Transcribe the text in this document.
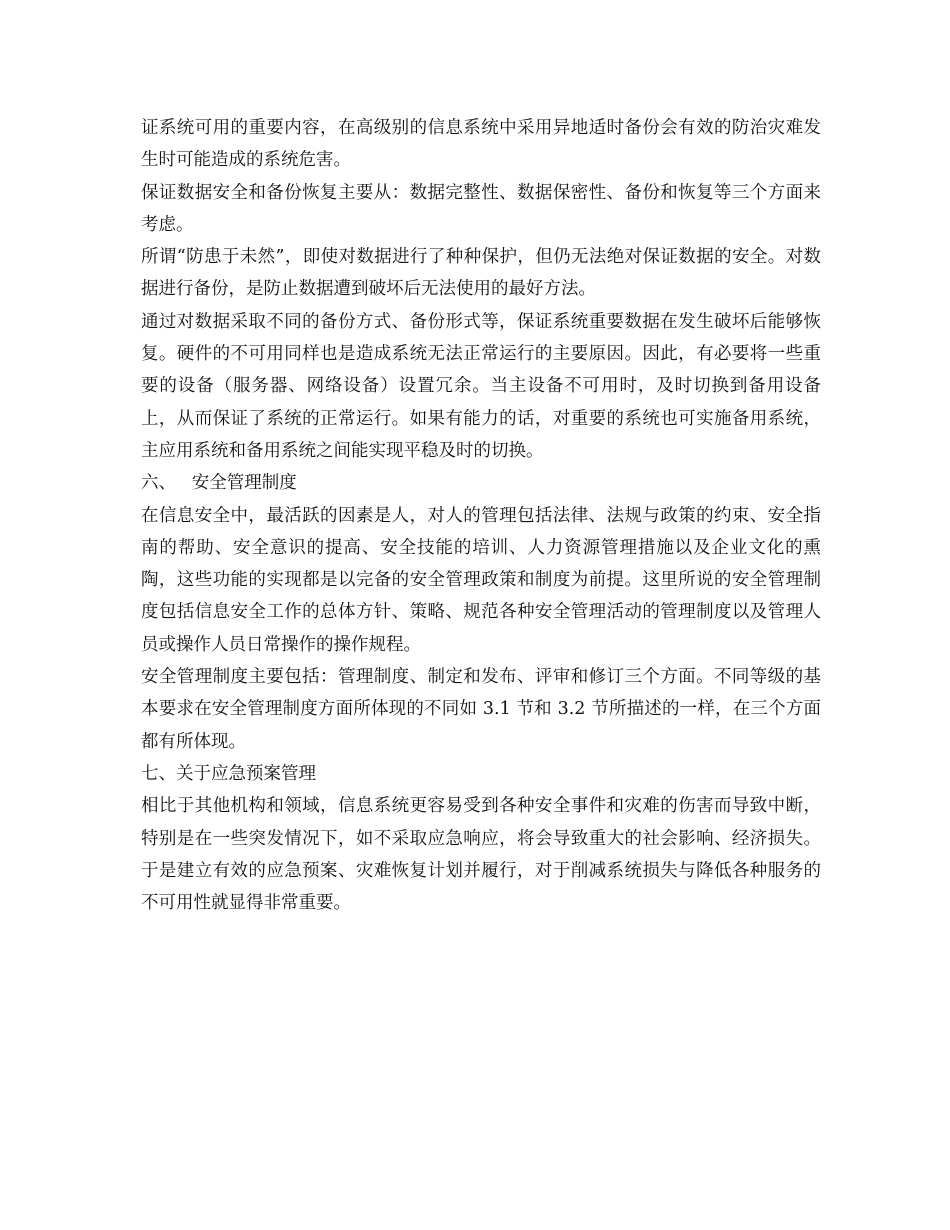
证系统可用的重要内容，在高级别的信息系统中采用异地适时备份会有效的防治灾难发生时可能造成的系统危害。

保证数据安全和备份恢复主要从：数据完整性、数据保密性、备份和恢复等三个方面来考虑。

所谓“防患于未然”，即使对数据进行了种种保护，但仍无法绝对保证数据的安全。对数据进行备份，是防止数据遭到破坏后无法使用的最好方法。

通过对数据采取不同的备份方式、备份形式等，保证系统重要数据在发生破坏后能够恢复。硬件的不可用同样也是造成系统无法正常运行的主要原因。因此，有必要将一些重要的设备（服务器、网络设备）设置冗余。当主设备不可用时，及时切换到备用设备上，从而保证了系统的正常运行。如果有能力的话，对重要的系统也可实施备用系统，主应用系统和备用系统之间能实现平稳及时的切换。

六、 安全管理制度

在信息安全中，最活跃的因素是人，对人的管理包括法律、法规与政策的约束、安全指南的帮助、安全意识的提高、安全技能的培训、人力资源管理措施以及企业文化的熏陶，这些功能的实现都是以完备的安全管理政策和制度为前提。这里所说的安全管理制度包括信息安全工作的总体方针、策略、规范各种安全管理活动的管理制度以及管理人员或操作人员日常操作的操作规程。

安全管理制度主要包括：管理制度、制定和发布、评审和修订三个方面。不同等级的基本要求在安全管理制度方面所体现的不同如 3.1 节和 3.2 节所描述的一样，在三个方面都有所体现。

七、关于应急预案管理

相比于其他机构和领域，信息系统更容易受到各种安全事件和灾难的伤害而导致中断，特别是在一些突发情况下，如不采取应急响应，将会导致重大的社会影响、经济损失。于是建立有效的应急预案、灾难恢复计划并履行，对于削减系统损失与降低各种服务的不可用性就显得非常重要。
